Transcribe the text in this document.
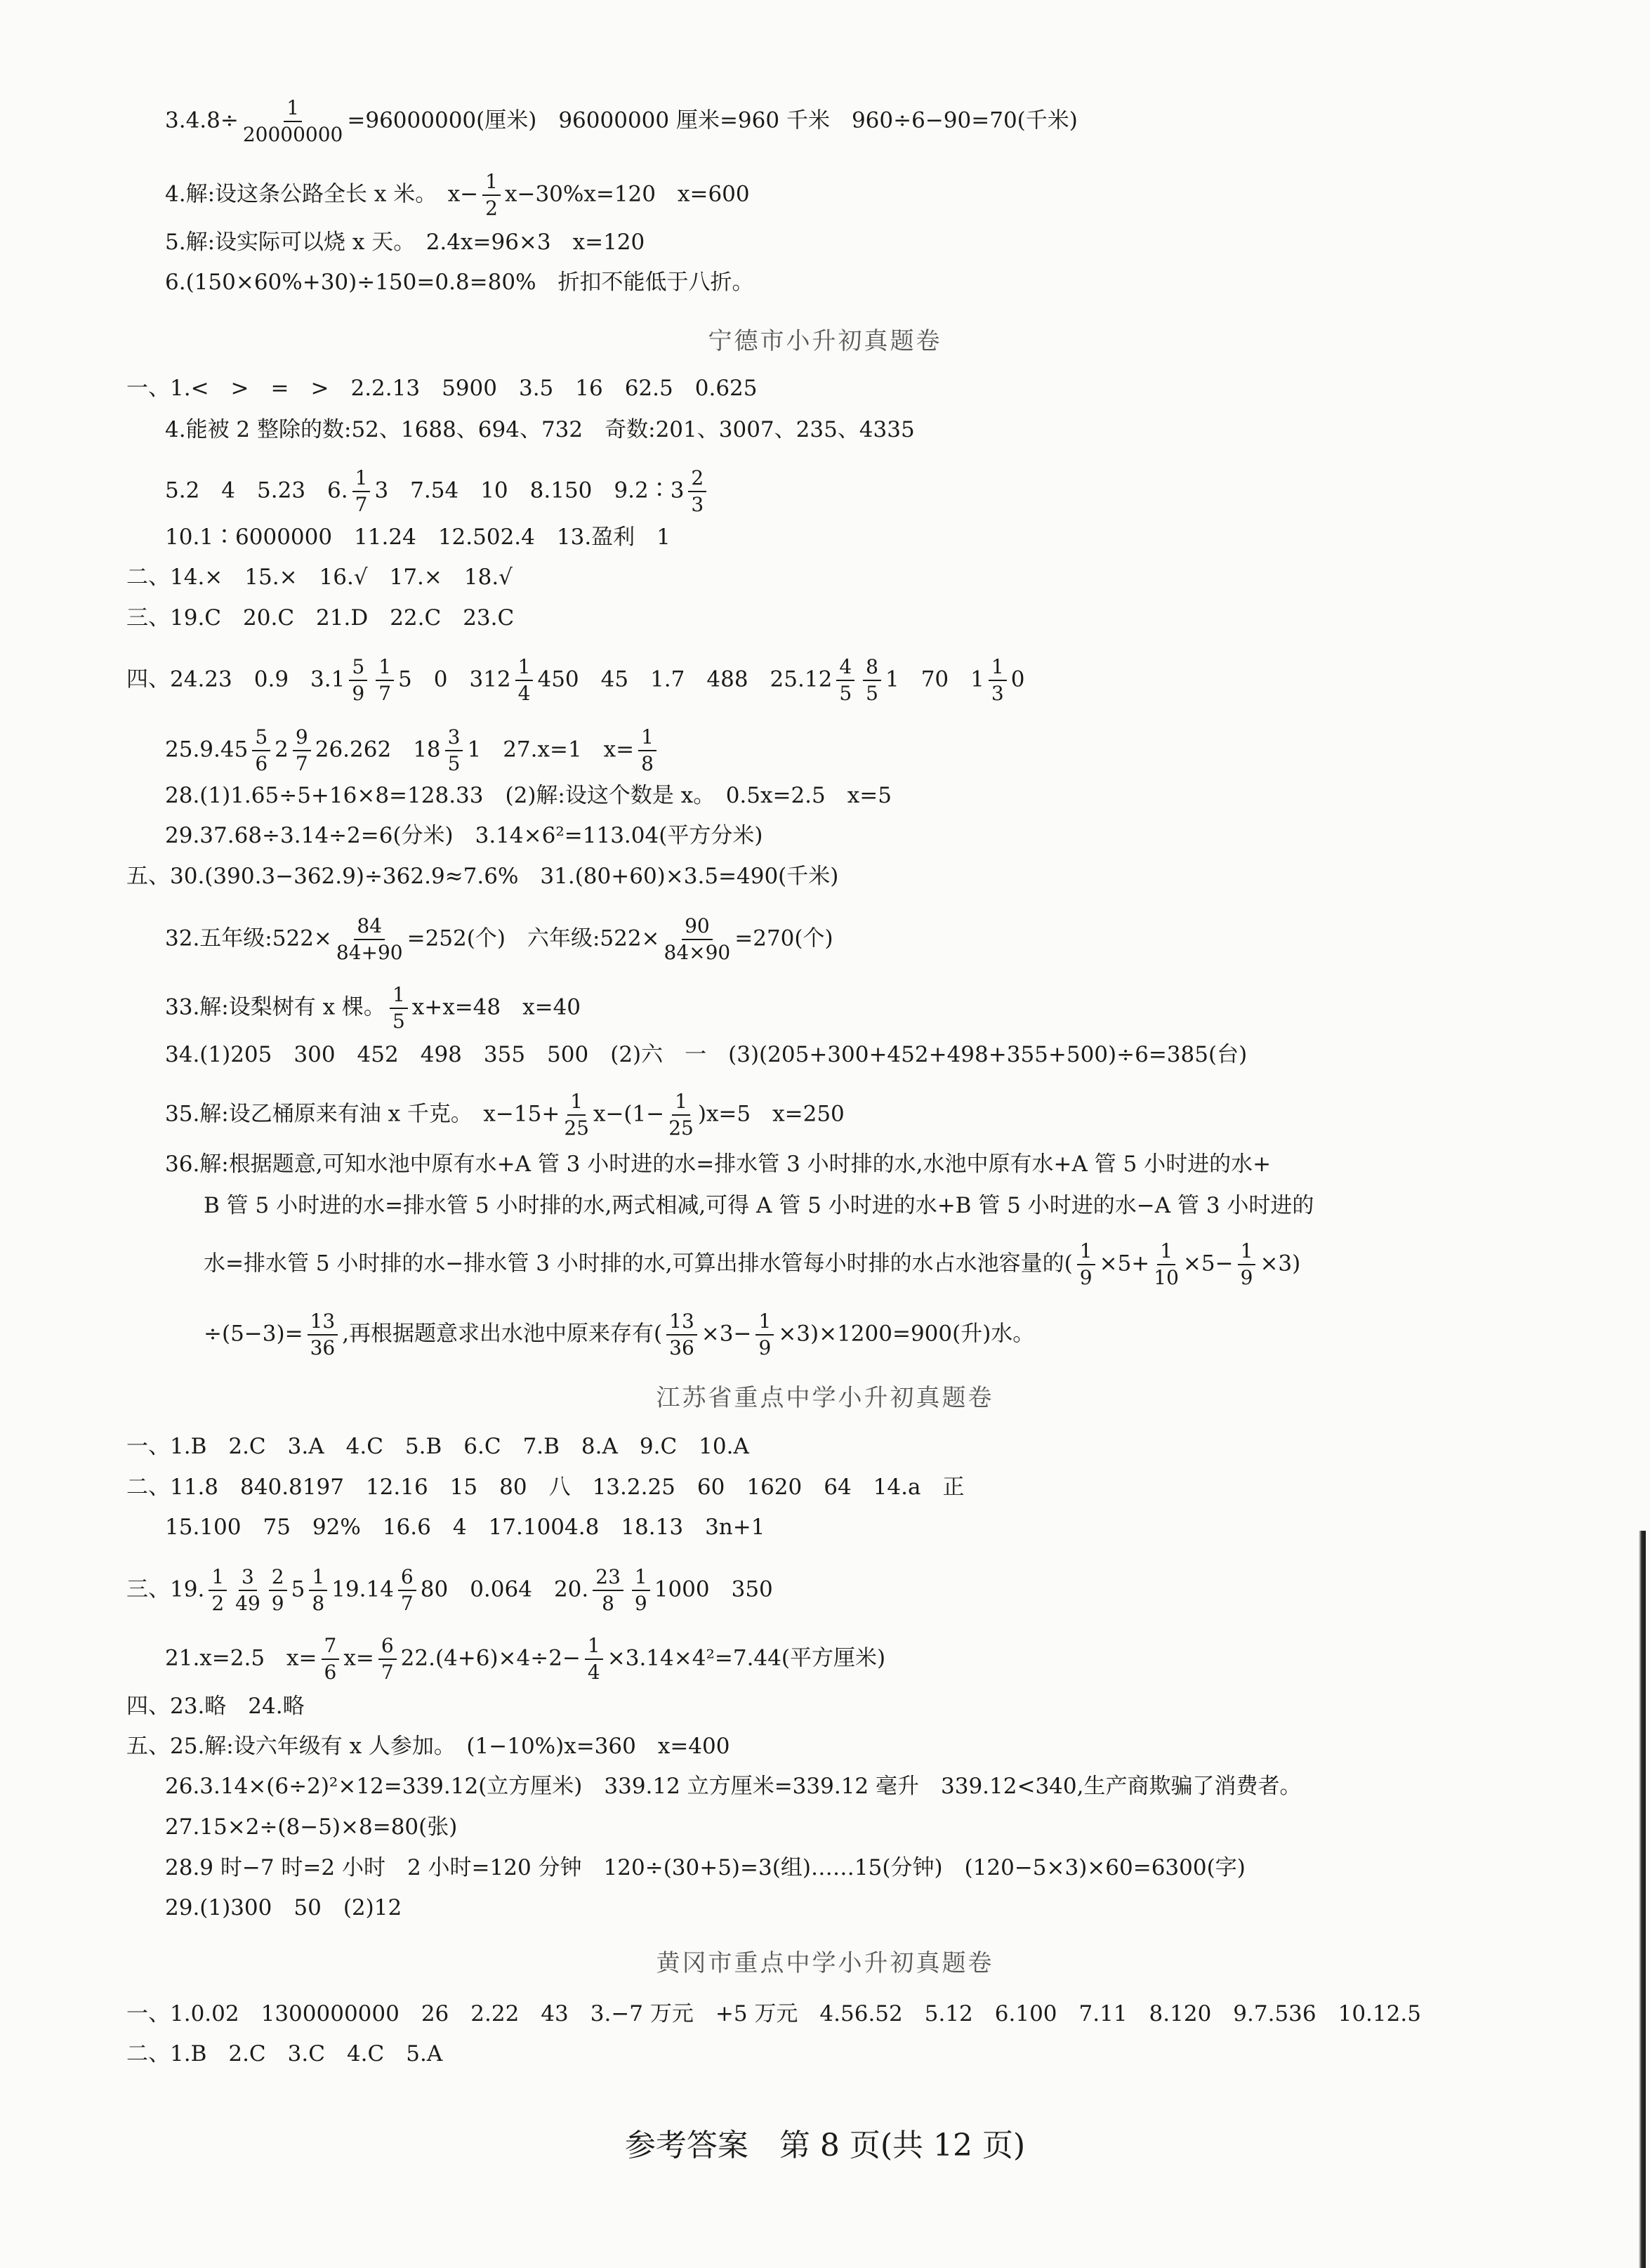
$3.4.8\div \frac{1}{20000000} =96000000$(厘米)　96000000 厘米=960 千米　960÷6−90=70(千米)
4.解:设这条公路全长 x 米。　$x- \frac{1}{2} x-30\%x=120$　x=600
5.解:设实际可以烧 x 天。　2.4x=96×3　x=120
6.(150×60%+30)÷150=0.8=80%　折扣不能低于八折。
宁德市小升初真题卷
一、1.<　>　=　>　2.2.13　5900　3.5　16　62.5　0.625
4.能被 2 整除的数:52、1688、694、732　奇数:201、3007、235、4335
5.2　4　5.23　6. $\frac{1}{7} 3$　7.54　10　8.150　9.2∶3 $\frac{2}{3}$
10.1∶6000000　11.24　12.502.4　13.盈利　1
二、14.×　15.×　16.√　17.×　18.√
三、19.C　20.C　21.D　22.C　23.C
四、24.23　0.9　$3.1 \frac{5}{9} \frac{1}{7} 5$　0　$312 \frac{1}{4} 450$　45　1.7　488　$25.12 \frac{4}{5} \frac{8}{5} 1$　70　$1 \frac{1}{3} 0$
$25.9.45 \frac{5}{6} 2 \frac{9}{7} 26.262$　$18 \frac{3}{5} 1$　27.x=1　$x= \frac{1}{8}$
28.(1)1.65÷5+16×8=128.33　(2)解:设这个数是 x。　0.5x=2.5　x=5
29.37.68÷3.14÷2=6(分米)　3.14×6²=113.04(平方分米)
五、30.(390.3−362.9)÷362.9≈7.6%　31.(80+60)×3.5=490(千米)
32.五年级:522× $\frac{84}{84+90} =252$(个)　六年级:522× $\frac{90}{84\times 90} =270$(个)
33.解:设梨树有 x 棵。 $\frac{1}{5} x+x=48$　x=40
34.(1)205　300　452　498　355　500　(2)六　一　(3)(205+300+452+498+355+500)÷6=385(台)
35.解:设乙桶原来有油 x 千克。　$x-15+ \frac{1}{25} x-(1- \frac{1}{25} )x=5$　x=250
36.解:根据题意,可知水池中原有水+A 管 3 小时进的水=排水管 3 小时排的水,水池中原有水+A 管 5 小时进的水+
B 管 5 小时进的水=排水管 5 小时排的水,两式相减,可得 A 管 5 小时进的水+B 管 5 小时进的水−A 管 3 小时进的
水=排水管 5 小时排的水−排水管 3 小时排的水,可算出排水管每小时排的水占水池容量的( $\frac{1}{9} \times 5+ \frac{1}{10} \times 5- \frac{1}{9} \times 3$)
$\div(5-3)= \frac{13}{36}$ ,再根据题意求出水池中原来存有( $\frac{13}{36} \times 3- \frac{1}{9} \times 3)\times 1200=900$(升)水。
江苏省重点中学小升初真题卷
一、1.B　2.C　3.A　4.C　5.B　6.C　7.B　8.A　9.C　10.A
二、11.8　840.8197　12.16　15　80　八　13.2.25　60　1620　64　14.a　正
15.100　75　92%　16.6　4　17.1004.8　18.13　3n+1
三、19. $\frac{1}{2} \frac{3}{49} \frac{2}{9} 5 \frac{1}{8} 19.14 \frac{6}{7} 80$　0.064　20. $\frac{23}{8} \frac{1}{9} 1000$　350
21.x=2.5　$x= \frac{7}{6} x= \frac{6}{7} 22.(4+6)\times 4\div 2- \frac{1}{4} \times 3.14\times 4^2=7.44$(平方厘米)
四、23.略　24.略
五、25.解:设六年级有 x 人参加。　(1−10%)x=360　x=400
26.3.14×(6÷2)²×12=339.12(立方厘米)　339.12 立方厘米=339.12 毫升　339.12<340,生产商欺骗了消费者。
27.15×2÷(8−5)×8=80(张)
28.9 时−7 时=2 小时　2 小时=120 分钟　120÷(30+5)=3(组)……15(分钟)　(120−5×3)×60=6300(字)
29.(1)300　50　(2)12
黄冈市重点中学小升初真题卷
一、1.0.02　1300000000　26　2.22　43　3.−7 万元　+5 万元　4.56.52　5.12　6.100　7.11　8.120　9.7.536　10.12.5
二、1.B　2.C　3.C　4.C　5.A
参考答案　第 8 页(共 12 页)
